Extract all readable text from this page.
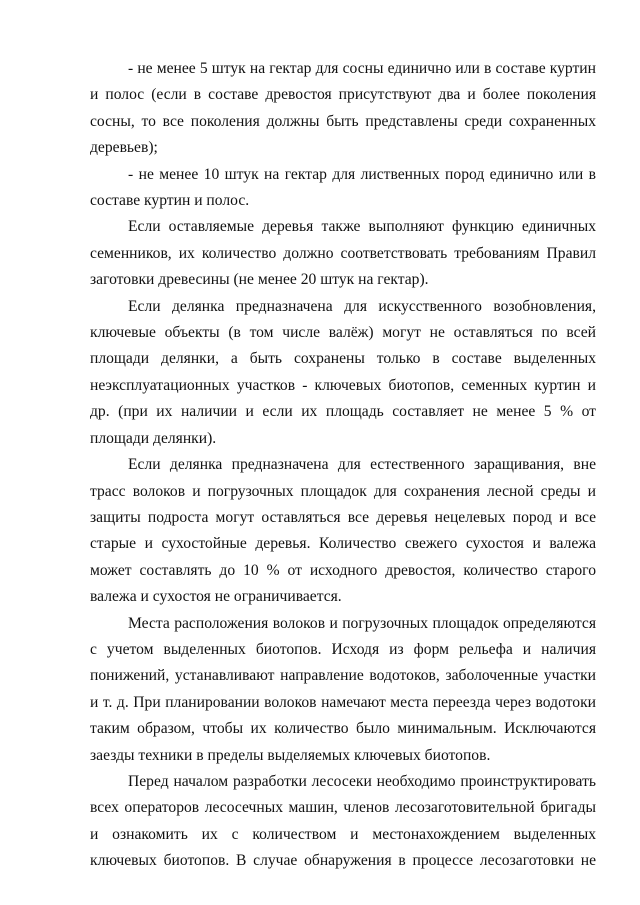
- не менее 5 штук на гектар для сосны единично или в составе куртин и полос (если в составе древостоя присутствуют два и более поколения сосны, то все поколения должны быть представлены среди сохраненных деревьев);

- не менее 10 штук на гектар для лиственных пород единично или в составе куртин и полос.

Если оставляемые деревья также выполняют функцию единичных семенников, их количество должно соответствовать требованиям Правил заготовки древесины (не менее 20 штук на гектар).

Если делянка предназначена для искусственного возобновления, ключевые объекты (в том числе валёж) могут не оставляться по всей площади делянки, а быть сохранены только в составе выделенных неэксплуатационных участков - ключевых биотопов, семенных куртин и др. (при их наличии и если их площадь составляет не менее 5 % от площади делянки).

Если делянка предназначена для естественного заращивания, вне трасс волоков и погрузочных площадок для сохранения лесной среды и защиты подроста могут оставляться все деревья нецелевых пород и все старые и сухостойные деревья. Количество свежего сухостоя и валежа может составлять до 10 % от исходного древостоя, количество старого валежа и сухостоя не ограничивается.

Места расположения волоков и погрузочных площадок определяются с учетом выделенных биотопов. Исходя из форм рельефа и наличия понижений, устанавливают направление водотоков, заболоченные участки и т. д. При планировании волоков намечают места переезда через водотоки таким образом, чтобы их количество было минимальным. Исключаются заезды техники в пределы выделяемых ключевых биотопов.

Перед началом разработки лесосеки необходимо проинструктировать всех операторов лесосечных машин, членов лесозаготовительной бригады и ознакомить их с количеством и местонахождением выделенных ключевых биотопов. В случае обнаружения в процессе лесозаготовки не
